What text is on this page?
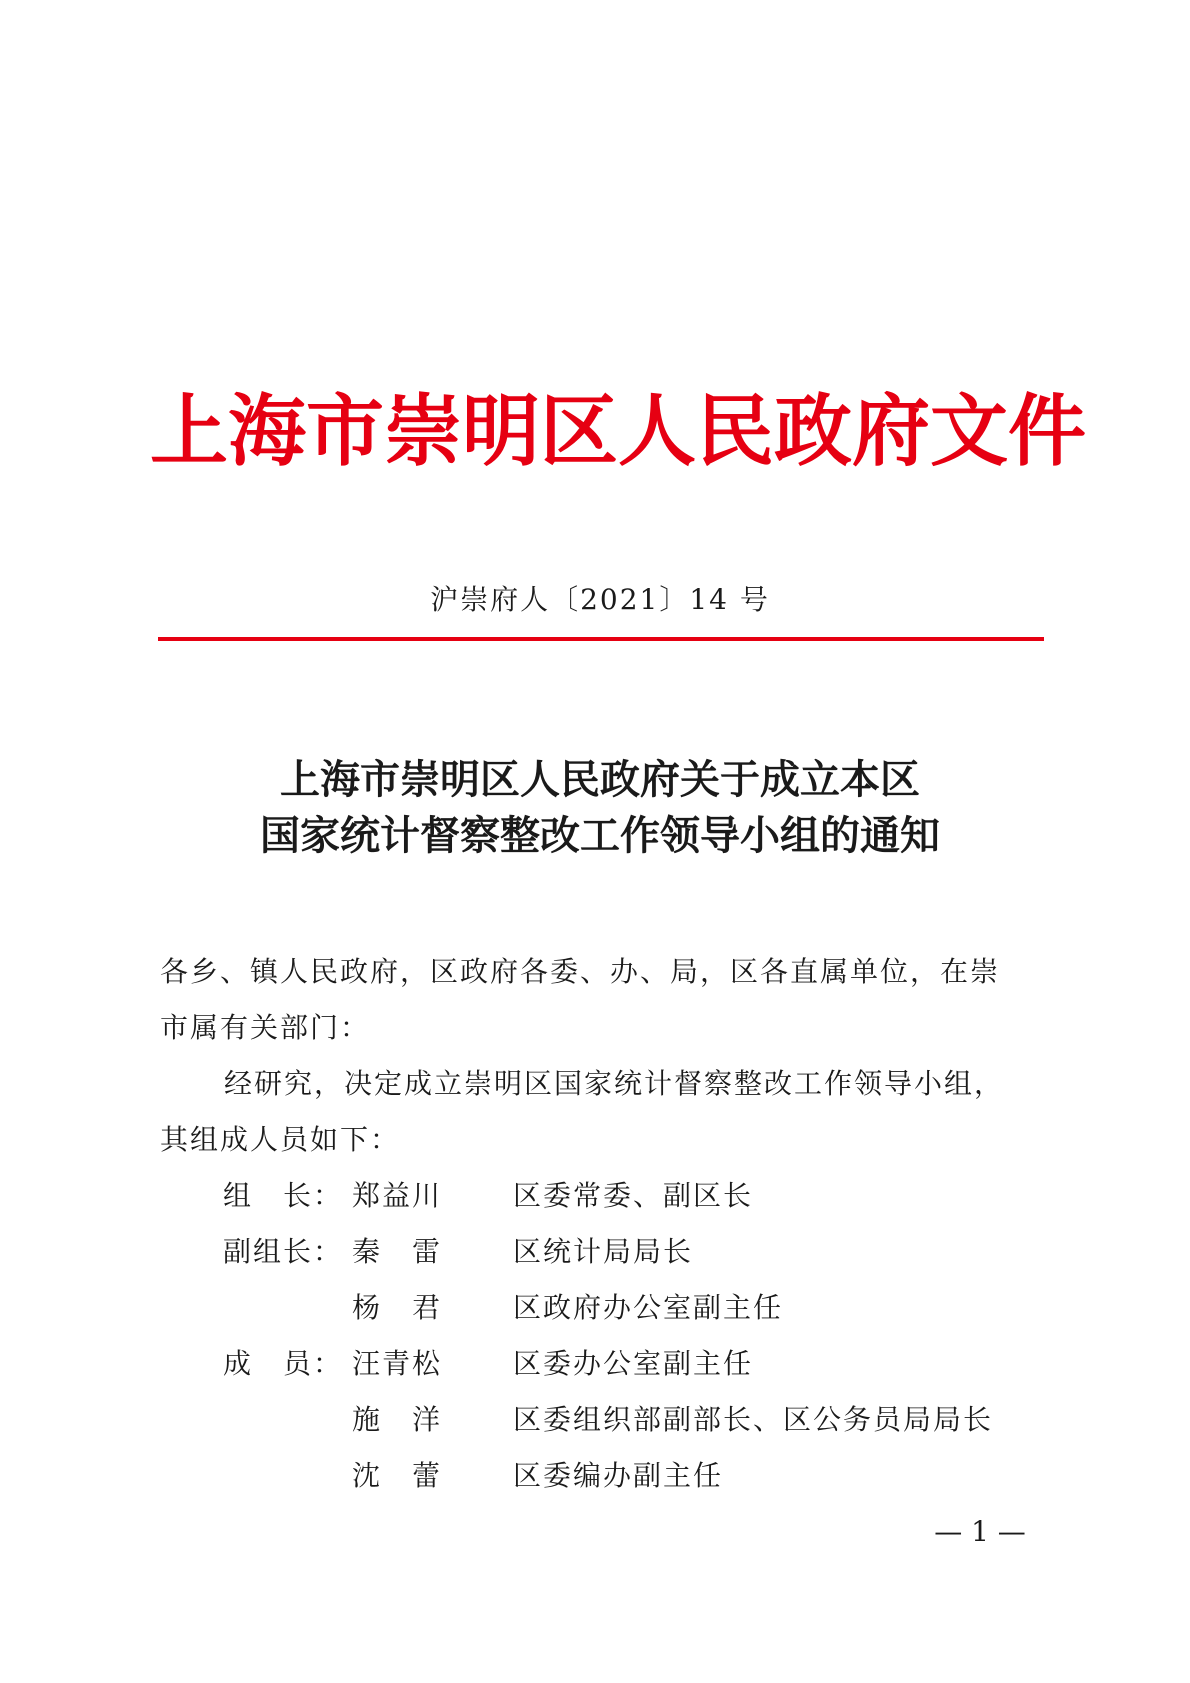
上海市崇明区人民政府文件
沪崇府人〔2021〕14 号
上海市崇明区人民政府关于成立本区
国家统计督察整改工作领导小组的通知
各乡、镇人民政府，区政府各委、办、局，区各直属单位，在崇
市属有关部门：
经研究，决定成立崇明区国家统计督察整改工作领导小组，
其组成人员如下：
组　长： 郑益川	区委常委、副区长
副组长： 秦　雷	区统计局局长
杨　君	区政府办公室副主任
成　员： 汪青松	区委办公室副主任
施　洋	区委组织部副部长、区公务员局局长
沈　蕾	区委编办副主任
— 1 —
